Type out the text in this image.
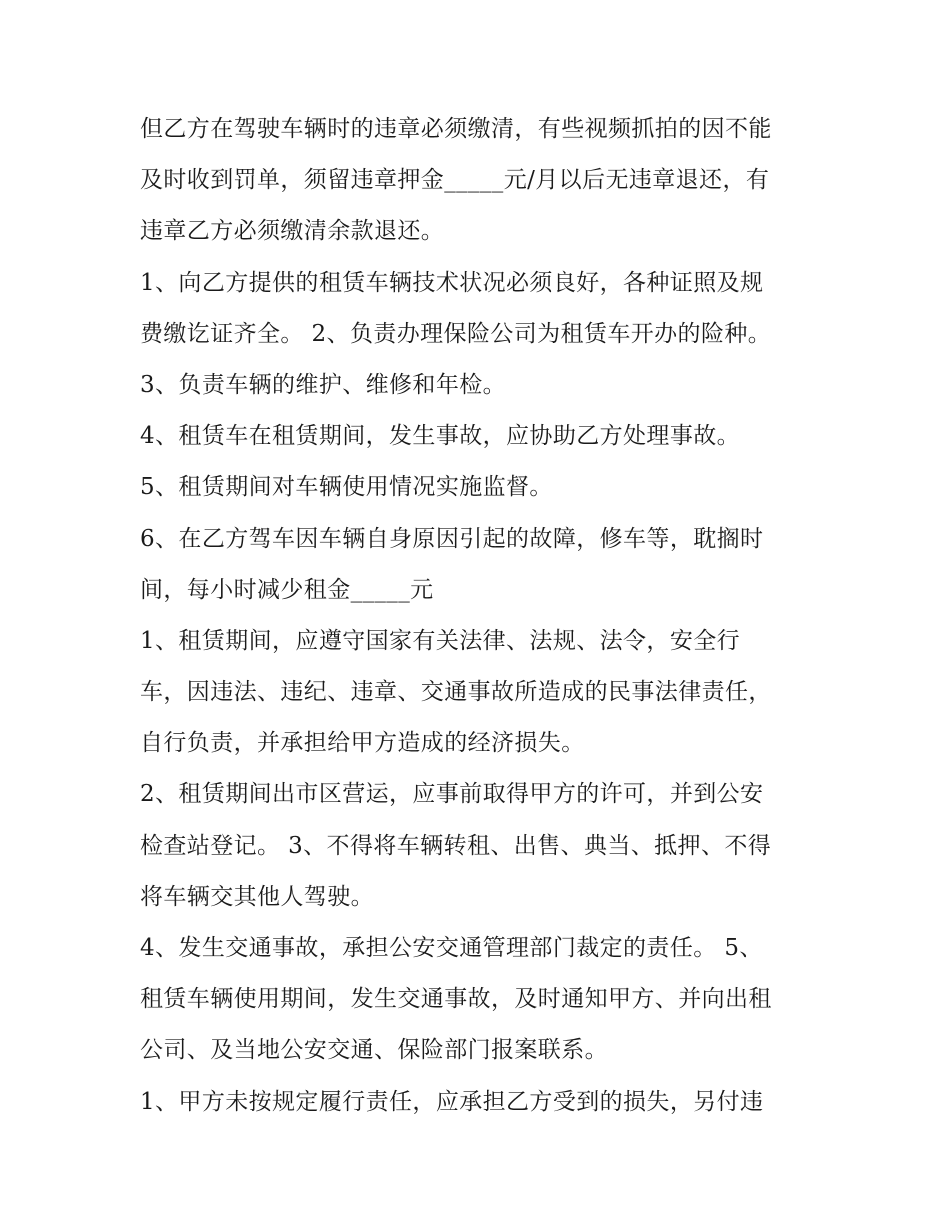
但乙方在驾驶车辆时的违章必须缴清，有些视频抓拍的因不能
及时收到罚单，须留违章押金_____元/月以后无违章退还，有
违章乙方必须缴清余款退还。
1、向乙方提供的租赁车辆技术状况必须良好，各种证照及规
费缴讫证齐全。 2、负责办理保险公司为租赁车开办的险种。
3、负责车辆的维护、维修和年检。
4、租赁车在租赁期间，发生事故，应协助乙方处理事故。
5、租赁期间对车辆使用情况实施监督。
6、在乙方驾车因车辆自身原因引起的故障，修车等，耽搁时
间，每小时减少租金_____元
1、租赁期间，应遵守国家有关法律、法规、法令，安全行
车，因违法、违纪、违章、交通事故所造成的民事法律责任，
自行负责，并承担给甲方造成的经济损失。
2、租赁期间出市区营运，应事前取得甲方的许可，并到公安
检查站登记。 3、不得将车辆转租、出售、典当、抵押、不得
将车辆交其他人驾驶。
4、发生交通事故，承担公安交通管理部门裁定的责任。 5、
租赁车辆使用期间，发生交通事故，及时通知甲方、并向出租
公司、及当地公安交通、保险部门报案联系。
1、甲方未按规定履行责任，应承担乙方受到的损失，另付违
